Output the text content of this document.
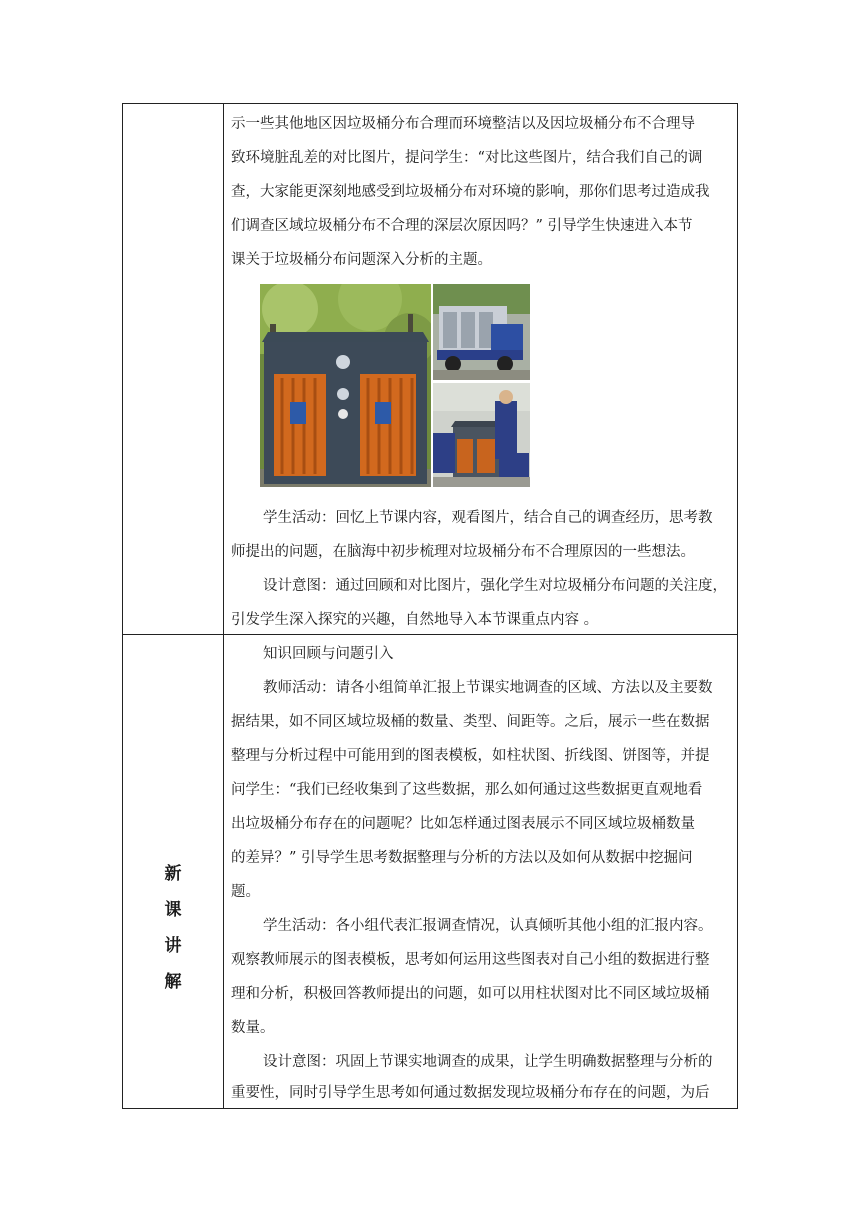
示一些其他地区因垃圾桶分布合理而环境整洁以及因垃圾桶分布不合理导
致环境脏乱差的对比图片，提问学生：“对比这些图片，结合我们自己的调
查，大家能更深刻地感受到垃圾桶分布对环境的影响，那你们思考过造成我
们调查区域垃圾桶分布不合理的深层次原因吗？” 引导学生快速进入本节
课关于垃圾桶分布问题深入分析的主题。
学生活动：回忆上节课内容，观看图片，结合自己的调查经历，思考教
师提出的问题，在脑海中初步梳理对垃圾桶分布不合理原因的一些想法。
设计意图：通过回顾和对比图片，强化学生对垃圾桶分布问题的关注度，
引发学生深入探究的兴趣，自然地导入本节课重点内容 。
新
课
讲
解
知识回顾与问题引入
教师活动：请各小组简单汇报上节课实地调查的区域、方法以及主要数
据结果，如不同区域垃圾桶的数量、类型、间距等。之后，展示一些在数据
整理与分析过程中可能用到的图表模板，如柱状图、折线图、饼图等，并提
问学生：“我们已经收集到了这些数据，那么如何通过这些数据更直观地看
出垃圾桶分布存在的问题呢？比如怎样通过图表展示不同区域垃圾桶数量
的差异？” 引导学生思考数据整理与分析的方法以及如何从数据中挖掘问
题。
学生活动：各小组代表汇报调查情况，认真倾听其他小组的汇报内容。
观察教师展示的图表模板，思考如何运用这些图表对自己小组的数据进行整
理和分析，积极回答教师提出的问题，如可以用柱状图对比不同区域垃圾桶
数量。
设计意图：巩固上节课实地调查的成果，让学生明确数据整理与分析的
重要性，同时引导学生思考如何通过数据发现垃圾桶分布存在的问题，为后
